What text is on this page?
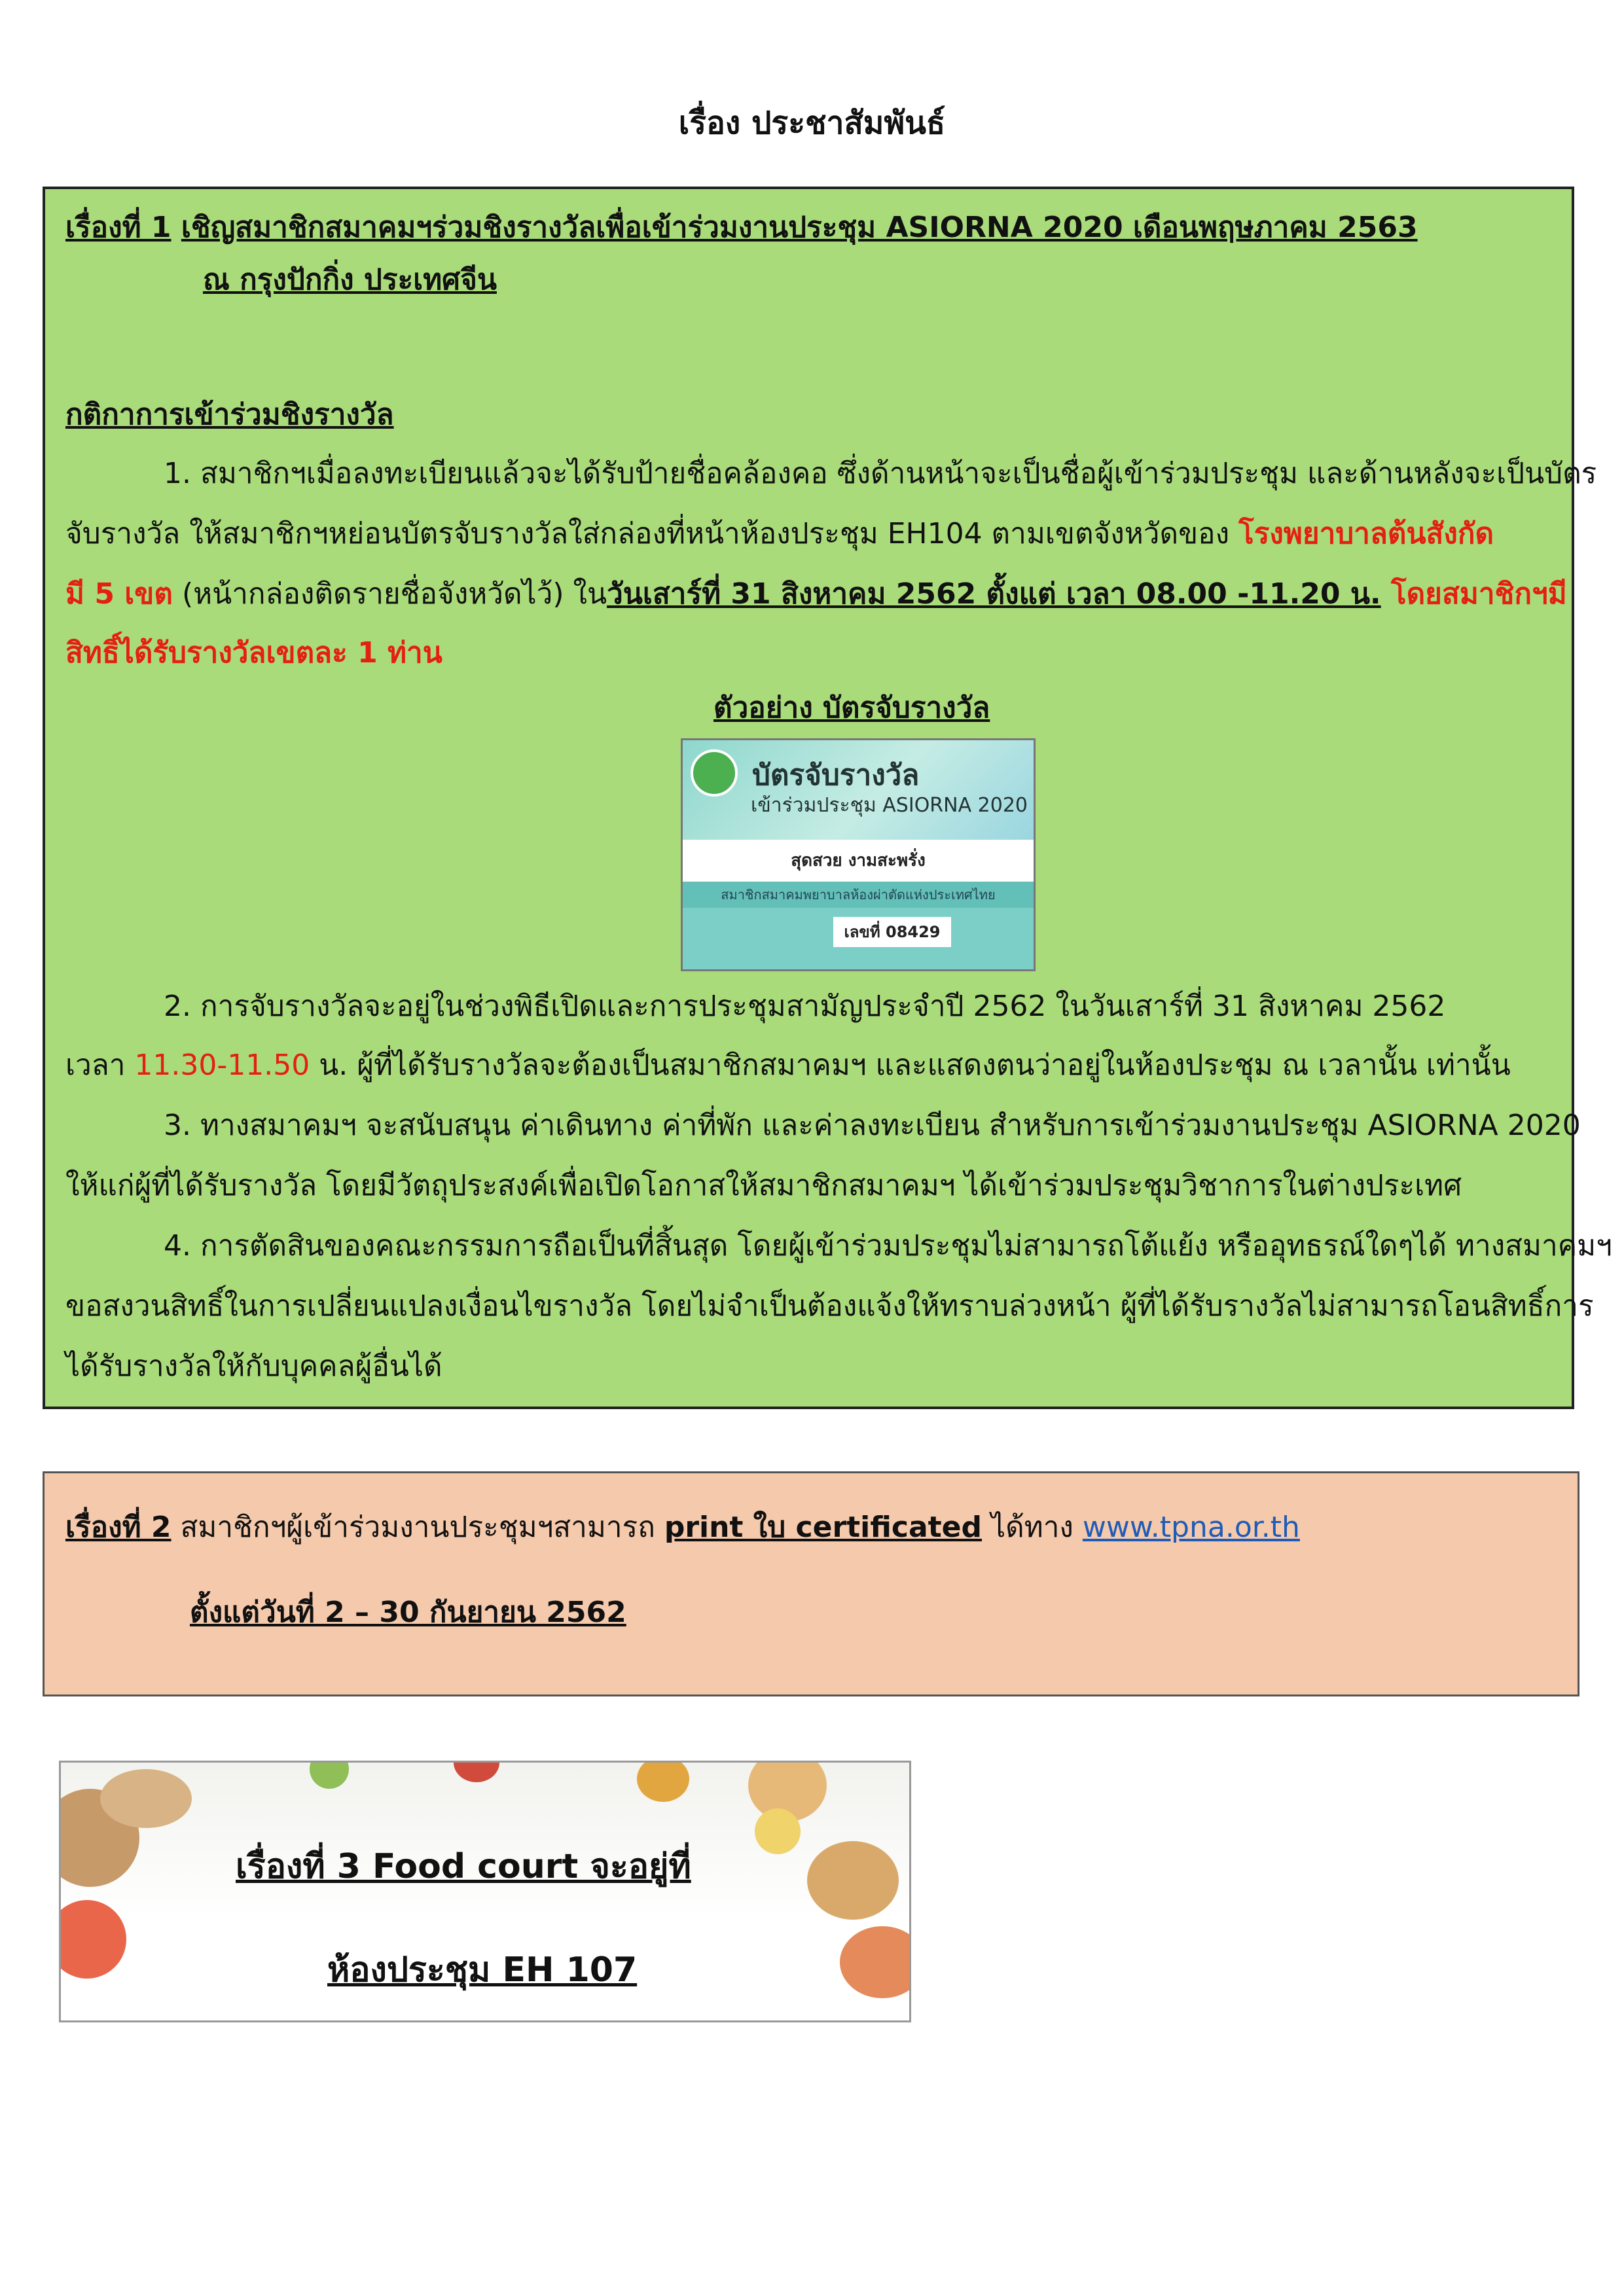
เรื่อง ประชาสัมพันธ์
เรื่องที่ 1 เชิญสมาชิกสมาคมฯร่วมชิงรางวัลเพื่อเข้าร่วมงานประชุม ASIORNA 2020 เดือนพฤษภาคม 2563
ณ กรุงปักกิ่ง ประเทศจีน
กติกาการเข้าร่วมชิงรางวัล
1. สมาชิกฯเมื่อลงทะเบียนแล้วจะได้รับป้ายชื่อคล้องคอ ซึ่งด้านหน้าจะเป็นชื่อผู้เข้าร่วมประชุม และด้านหลังจะเป็นบัตร
จับรางวัล ให้สมาชิกฯหย่อนบัตรจับรางวัลใส่กล่องที่หน้าห้องประชุม EH104 ตามเขตจังหวัดของ โรงพยาบาลต้นสังกัด
มี 5 เขต (หน้ากล่องติดรายชื่อจังหวัดไว้) ในวันเสาร์ที่ 31 สิงหาคม 2562 ตั้งแต่ เวลา 08.00 -11.20 น. โดยสมาชิกฯมี
สิทธิ์ได้รับรางวัลเขตละ 1 ท่าน
ตัวอย่าง บัตรจับรางวัล
บัตรจับรางวัล
เข้าร่วมประชุม ASIORNA 2020
สุดสวย งามสะพรั่ง
สมาชิกสมาคมพยาบาลห้องผ่าตัดแห่งประเทศไทย
เลขที่ 08429
2. การจับรางวัลจะอยู่ในช่วงพิธีเปิดและการประชุมสามัญประจำปี 2562 ในวันเสาร์ที่ 31 สิงหาคม 2562
เวลา 11.30-11.50 น. ผู้ที่ได้รับรางวัลจะต้องเป็นสมาชิกสมาคมฯ และแสดงตนว่าอยู่ในห้องประชุม ณ เวลานั้น เท่านั้น
3. ทางสมาคมฯ จะสนับสนุน ค่าเดินทาง ค่าที่พัก และค่าลงทะเบียน สำหรับการเข้าร่วมงานประชุม ASIORNA 2020
ให้แก่ผู้ที่ได้รับรางวัล โดยมีวัตถุประสงค์เพื่อเปิดโอกาสให้สมาชิกสมาคมฯ ได้เข้าร่วมประชุมวิชาการในต่างประเทศ
4. การตัดสินของคณะกรรมการถือเป็นที่สิ้นสุด โดยผู้เข้าร่วมประชุมไม่สามารถโต้แย้ง หรืออุทธรณ์ใดๆได้ ทางสมาคมฯ
ขอสงวนสิทธิ์ในการเปลี่ยนแปลงเงื่อนไขรางวัล โดยไม่จำเป็นต้องแจ้งให้ทราบล่วงหน้า ผู้ที่ได้รับรางวัลไม่สามารถโอนสิทธิ์การ
ได้รับรางวัลให้กับบุคคลผู้อื่นได้
เรื่องที่ 2 สมาชิกฯผู้เข้าร่วมงานประชุมฯสามารถ print ใบ certificated ได้ทาง www.tpna.or.th
ตั้งแต่วันที่ 2 – 30 กันยายน 2562
เรื่องที่ 3 Food court จะอยู่ที่
ห้องประชุม EH 107
